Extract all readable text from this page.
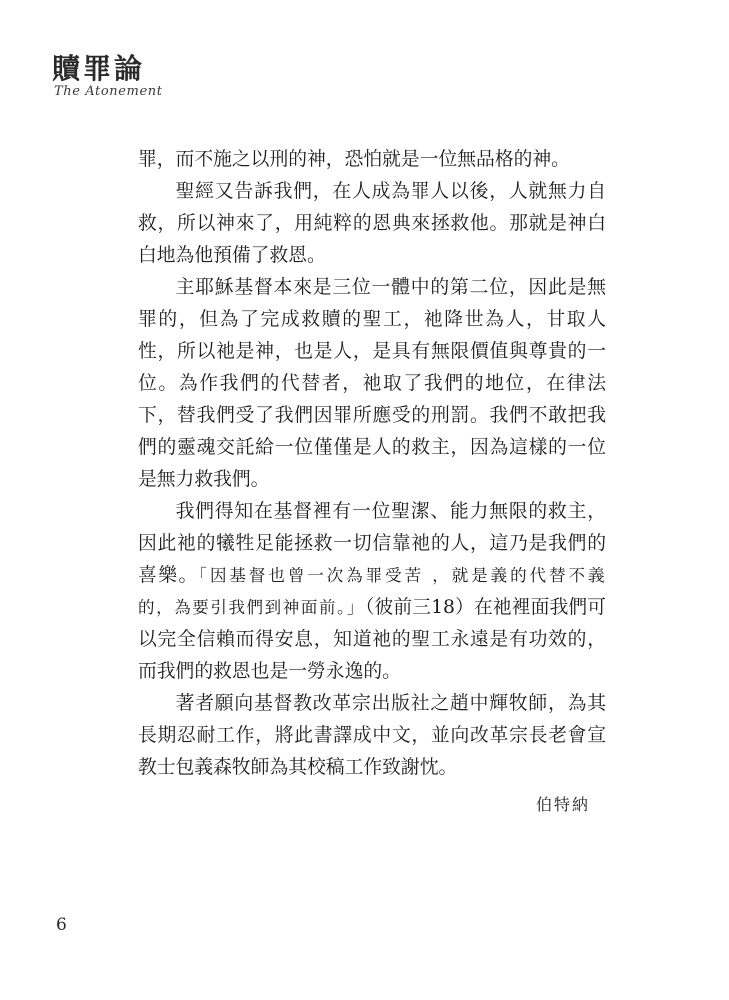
贖罪論
The Atonement

罪，而不施之以刑的神，恐怕就是一位無品格的神。

聖經又告訴我們，在人成為罪人以後，人就無力自救，所以神來了，用純粹的恩典來拯救他。那就是神白白地為他預備了救恩。

主耶穌基督本來是三位一體中的第二位，因此是無罪的，但為了完成救贖的聖工，祂降世為人，甘取人性，所以祂是神，也是人，是具有無限價值與尊貴的一位。為作我們的代替者，祂取了我們的地位，在律法下，替我們受了我們因罪所應受的刑罰。我們不敢把我們的靈魂交託給一位僅僅是人的救主，因為這樣的一位是無力救我們。

我們得知在基督裡有一位聖潔、能力無限的救主，因此祂的犧牲足能拯救一切信靠祂的人，這乃是我們的喜樂。「因基督也曾一次為罪受苦 ，就是義的代替不義的，為要引我們到神面前。」（彼前三18）在祂裡面我們可以完全信賴而得安息，知道祂的聖工永遠是有功效的，而我們的救恩也是一勞永逸的。

著者願向基督教改革宗出版社之趙中輝牧師，為其長期忍耐工作，將此書譯成中文，並向改革宗長老會宣教士包義森牧師為其校稿工作致謝忱。

伯特納
6
